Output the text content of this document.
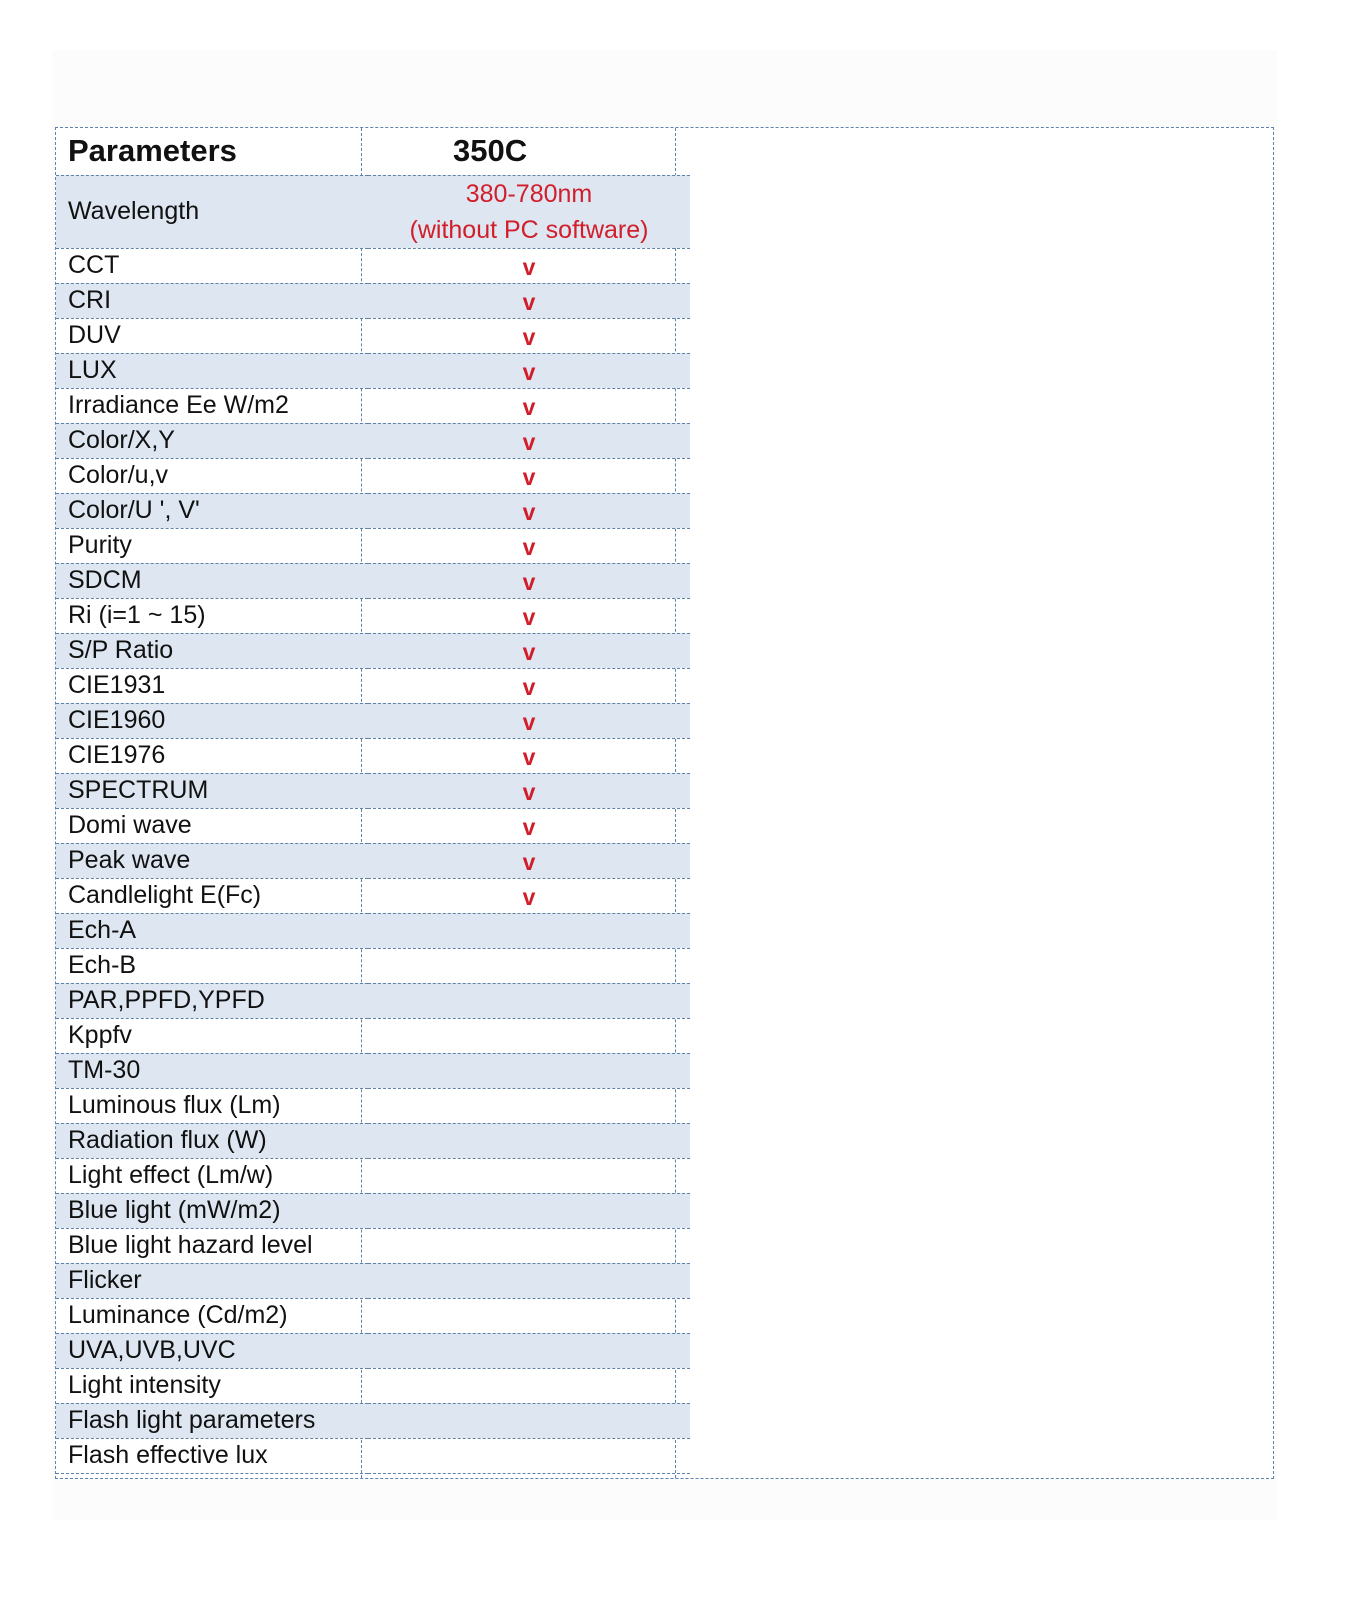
Parameters	350C
Wavelength	380-780nm
(without PC software)

CCT	v
CRI	v
DUV	v
LUX	v
Irradiance Ee W/m2	v
Color/X,Y	v
Color/u,v	v
Color/U ', V'	v
Purity	v
SDCM	v
Ri (i=1 ~ 15)	v
S/P Ratio	v
CIE1931	v
CIE1960	v
CIE1976	v
SPECTRUM	v
Domi wave	v
Peak wave	v
Candlelight E(Fc)	v
Ech-A	
Ech-B	
PAR,PPFD,YPFD	
Kppfv	
TM-30	
Luminous flux (Lm)	
Radiation flux (W)	
Light effect (Lm/w)	
Blue light (mW/m2)	
Blue light hazard level	
Flicker	
Luminance (Cd/m2)	
UVA,UVB,UVC	
Light intensity	
Flash light parameters	
Flash effective lux	
